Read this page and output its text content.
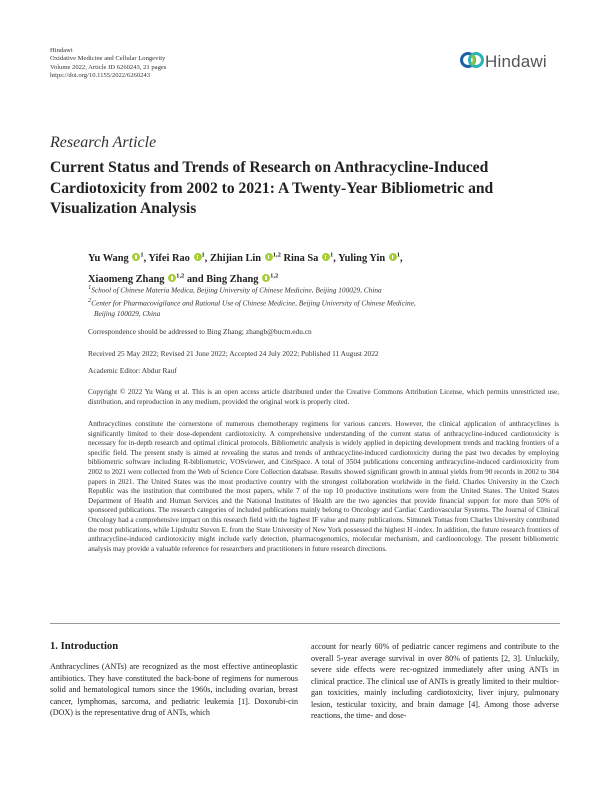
Hindawi
Oxidative Medicine and Cellular Longevity
Volume 2022, Article ID 6260243, 21 pages
https://doi.org/10.1155/2022/6260243
Hindawi
Research Article
Current Status and Trends of Research on Anthracycline-Induced Cardiotoxicity from 2002 to 2021: A Twenty-Year Bibliometric and Visualization Analysis
Yu Wang $^1$, Yifei Rao $^1$, Zhijian Lin $^{1,2}$ Rina Sa $^1$, Yuling Yin $^1$,
Xiaomeng Zhang $^{1,2}$ and Bing Zhang $^{1,2}$
$^1$School of Chinese Materia Medica, Beijing University of Chinese Medicine, Beijing 100029, China
$^2$Center for Pharmacovigilance and Rational Use of Chinese Medicine, Beijing University of Chinese Medicine,
Beijing 100029, China
Correspondence should be addressed to Bing Zhang; zhangb@bucm.edu.cn
Received 25 May 2022; Revised 21 June 2022; Accepted 24 July 2022; Published 11 August 2022
Academic Editor: Abdur Rauf
Copyright © 2022 Yu Wang et al. This is an open access article distributed under the Creative Commons Attribution License, which permits unrestricted use, distribution, and reproduction in any medium, provided the original work is properly cited.
Anthracyclines constitute the cornerstone of numerous chemotherapy regimens for various cancers. However, the clinical application of anthracyclines is significantly limited to their dose-dependent cardiotoxicity. A comprehensive understanding of the current status of anthracycline-induced cardiotoxicity is necessary for in-depth research and optimal clinical protocols. Bibliometric analysis is widely applied in depicting development trends and tracking frontiers of a specific field. The present study is aimed at revealing the status and trends of anthracycline-induced cardiotoxicity during the past two decades by employing bibliometric software including R-bibliometric, VOSviewer, and CiteSpace. A total of 3504 publications concerning anthracycline-induced cardiotoxicity from 2002 to 2021 were collected from the Web of Science Core Collection database. Results showed significant growth in annual yields from 90 records in 2002 to 304 papers in 2021. The United States was the most productive country with the strongest collaboration worldwide in the field. Charles University in the Czech Republic was the institution that contributed the most papers, while 7 of the top 10 productive institutions were from the United States. The United States Department of Health and Human Services and the National Institutes of Health are the two agencies that provide financial support for more than 50% of sponsored publications. The research categories of included publications mainly belong to Oncology and Cardiac Cardiovascular Systems. The Journal of Clinical Oncology had a comprehensive impact on this research field with the highest IF value and many publications. Simunek Tomas from Charles University contributed the most publications, while Lipshultz Steven E. from the State University of New York possessed the highest H -index. In addition, the future research frontiers of anthracycline-induced cardiotoxicity might include early detection, pharmacogenomics, molecular mechanism, and cardiooncology. The present bibliometric analysis may provide a valuable reference for researchers and practitioners in future research directions.
1. Introduction
Anthracyclines (ANTs) are recognized as the most effective antineoplastic antibiotics. They have constituted the back-bone of regimens for numerous solid and hematological tumors since the 1960s, including ovarian, breast cancer, lymphomas, sarcoma, and pediatric leukemia [1]. Doxorubi-cin (DOX) is the representative drug of ANTs, which
account for nearly 60% of pediatric cancer regimens and contribute to the overall 5-year average survival in over 80% of patients [2, 3]. Unluckily, severe side effects were rec-ognized immediately after using ANTs in clinical practice. The clinical use of ANTs is greatly limited to their multior-gan toxicities, mainly including cardiotoxicity, liver injury, pulmonary lesion, testicular toxicity, and brain damage [4]. Among those adverse reactions, the time- and dose-
